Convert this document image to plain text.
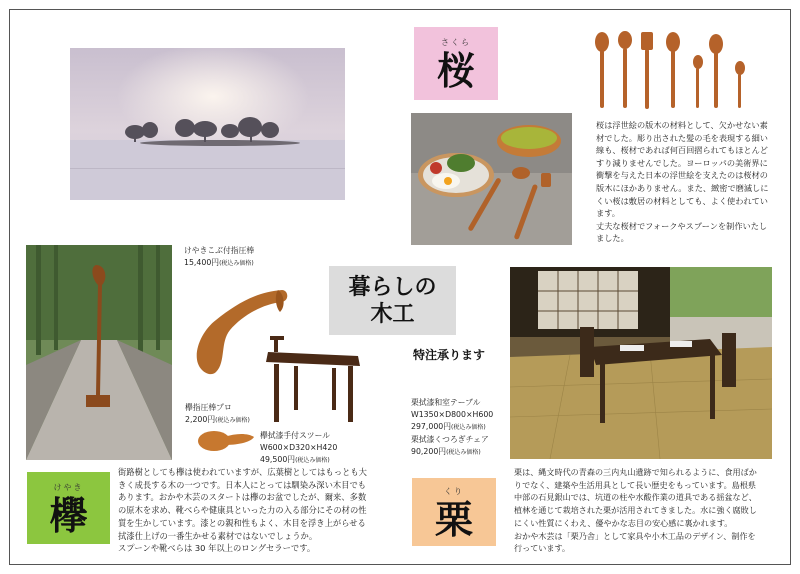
さくら
桜
桜は浮世絵の版木の材料として、欠かせない素
材でした。彫り出された髪の毛を表現する細い
線も、桜材であれば何百回摺られてもほとんど
すり減りませんでした。ヨーロッパの美術界に
衝撃を与えた日本の浮世絵を支えたのは桜材の
版木にほかありません。また、緻密で磨滅しに
くい桜は敷居の材料としても、よく使われてい
ます。
丈夫な桜材でフォークやスプーンを制作いたし
ました。
けやきこぶ付指圧棒
15,400円(税込み価格)
欅指圧棒プロ
2,200円(税込み価格)
欅拭漆手付スツール
W600×D320×H420
49,500円(税込み価格)
暮らしの
木工
特注承ります
栗拭漆和室テーブル
W1350×D800×H600
297,000円(税込み価格)
栗拭漆くつろぎチェア
90,200円(税込み価格)
けやき
欅
街路樹としても欅は使われていますが、広葉樹としてはもっとも大
きく成長する木の一つです。日本人にとっては馴染み深い木目でも
あります。おかや木芸のスタートは欅のお盆でしたが、爾来、多数
の原木を求め、靴べらや健康具といった力の入る部分にその材の性
質を生かしています。漆との親和性もよく、木目を浮き上がらせる
拭漆仕上げの一番生かせる素材ではないでしょうか。
スプーンや靴べらは 30 年以上のロングセラーです。
くり
栗
栗は、縄文時代の青森の三内丸山遺跡で知られるように、食用ばか
りでなく、建築や生活用具として長い歴史をもっています。島根県
中部の石見銀山では、坑道の柱や水酸作業の道具である揺盆など、
植林を通じて栽培された栗が活用されてきました。水に強く腐敗し
にくい性質にくわえ、優やかな志目の安心感に裏かれます。
おかや木芸は「栗乃舎」として家具や小木工品のデザイン、制作を
行っています。
